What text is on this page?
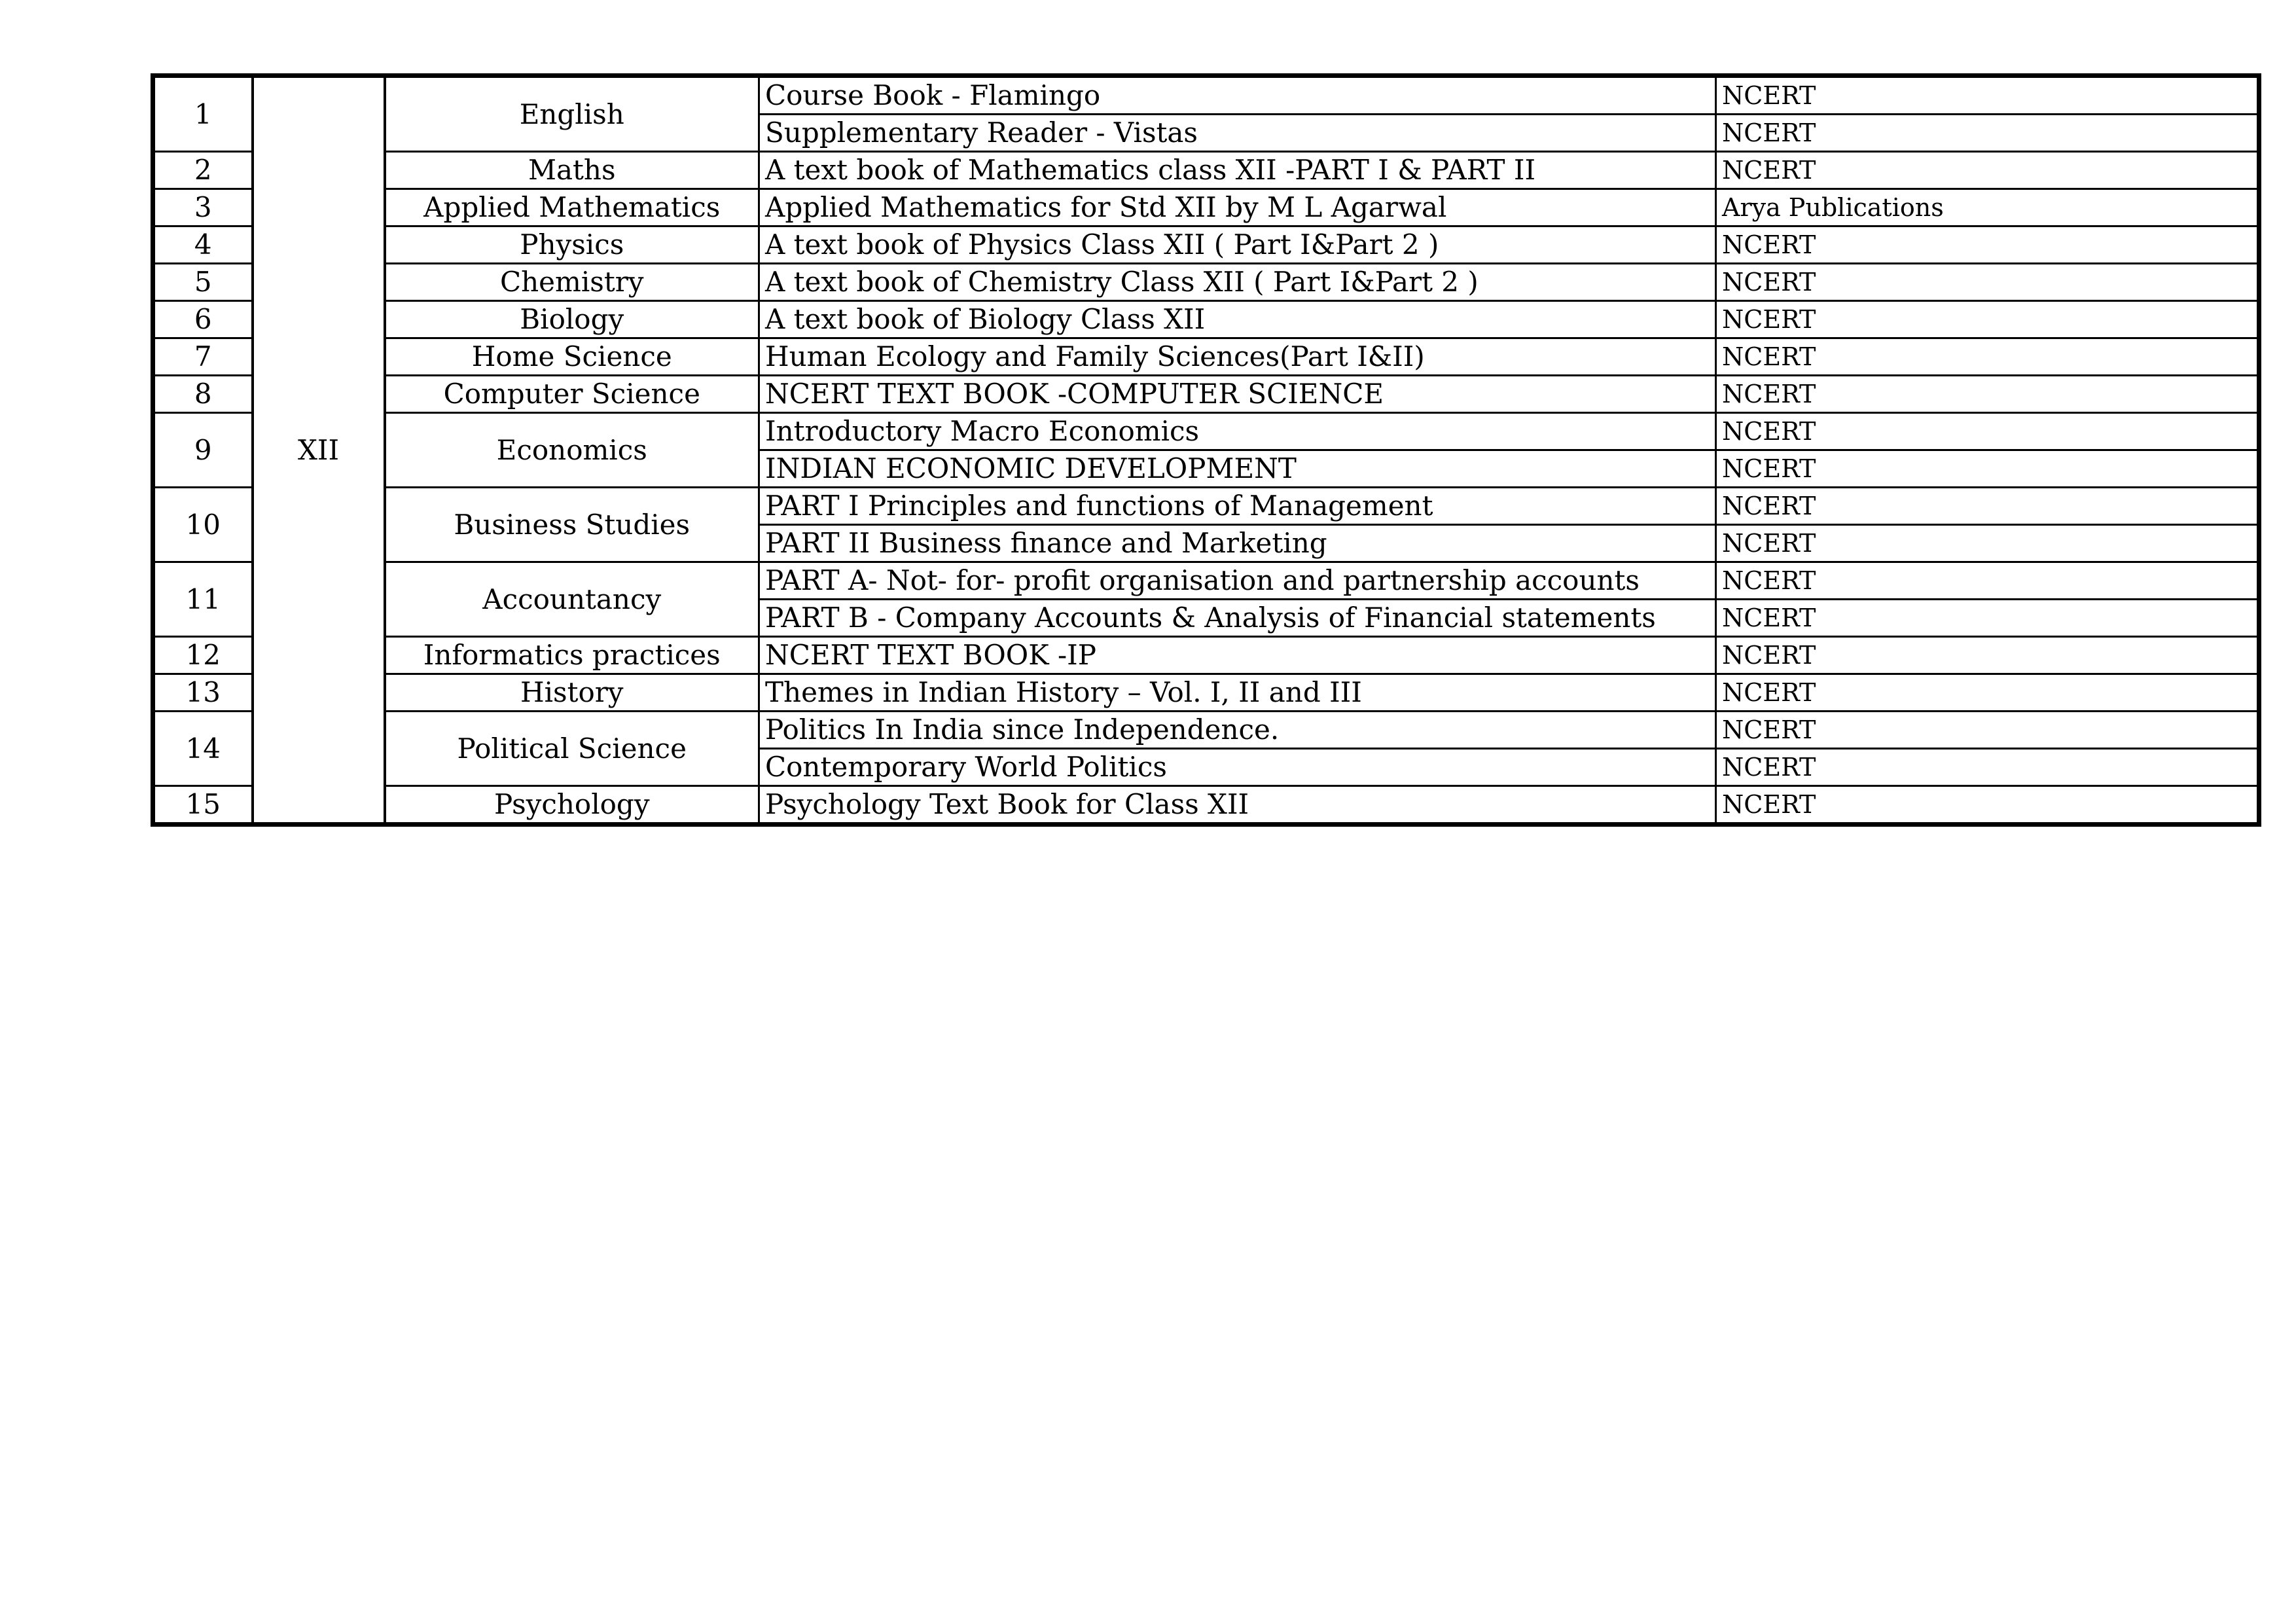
1	XII	English	Course Book - Flamingo	NCERT
			Supplementary Reader - Vistas	NCERT
2		Maths	A text book of Mathematics class XII -PART I & PART II	NCERT
3		Applied Mathematics	Applied Mathematics for Std XII by M L Agarwal	Arya Publications
4		Physics	A text book of Physics Class XII ( Part I&Part 2 )	NCERT
5		Chemistry	A text book of Chemistry Class XII ( Part I&Part 2 )	NCERT
6		Biology	A text book of Biology Class XII	NCERT
7		Home Science	Human Ecology and Family Sciences(Part I&II)	NCERT
8		Computer Science	NCERT TEXT BOOK -COMPUTER SCIENCE	NCERT
9		Economics	Introductory Macro Economics	NCERT
			INDIAN ECONOMIC DEVELOPMENT	NCERT
10		Business Studies	PART I Principles and functions of Management	NCERT
			PART II Business finance and Marketing	NCERT
11		Accountancy	PART A- Not- for- profit organisation and partnership accounts	NCERT
			PART B - Company Accounts & Analysis of Financial statements	NCERT
12		Informatics practices	NCERT TEXT BOOK -IP	NCERT
13		History	Themes in Indian History – Vol. I, II and III	NCERT
14		Political Science	Politics In India since Independence.	NCERT
			Contemporary World Politics	NCERT
15		Psychology	Psychology Text Book for Class XII	NCERT
